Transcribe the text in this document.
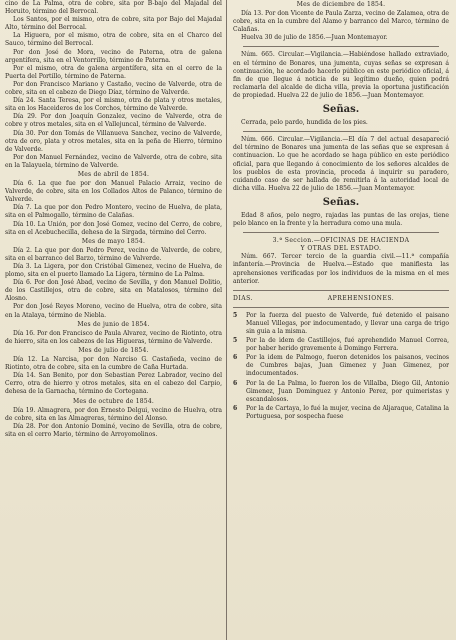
cino de La Palma, otra de cobre, sita por B-bajo del Majadal del Horuito, término del Berrocal.

Los Santos, por el mismo, otra de cobre, sita por Bajo del Majadal Alto, término del Berrocal.

La Higuera, por el mismo, otra de cobre, sita en el Charco del Sauco, término del Berrocal.

Por don José de Mora, vecino de Paterna, otra de galena argentífera, sita en el Ventorrillo, término de Paterna.

Por el mismo, otra de galena argentífera, sita en el cerro de la Puerta del Portillo, término de Paterna.

Por don Francisco Mariano y Castaño, vecino de Valverde, otra de cobre, sita en el cabezo de Diego Díaz, término de Valverde.

Día 24. Santa Teresa, por el mismo, otra de plata y otros metales, sita en los Haceideros de los Corchos, término de Valverde.

Día 29. Por don Joaquín Gonzalez, vecino de Valverde, otra de cobre y otros metales, sita en el Vallejuncal, término de Valverde.

Día 30. Por don Tomás de Villanueva Sanchez, vecino de Valverde, otra de oro, plata y otros metales, sita en la peña de Hierro, término de Valverde.

Por don Manuel Fernández, vecino de Valverde, otra de cobre, sita en la Talayuela, término de Valverde.

Mes de abril de 1854.

Día 6. La que fue por don Manuel Palacio Arraiz, vecino de Valverde, de cobre, sita en los Collados Altos de Palanco, término de Valverde.

Día 7. La que por don Pedro Montero, vecino de Huelva, de plata, sita en el Palmogallo, término de Calañas.

Día 10. La Unión, por don José Gomez, vecino del Cerro, de cobre, sita en el Acebuchecilla, dehesa de la Sirgada, término del Cerro.

Mes de mayo 1854.

Día 2. La que por don Pedro Perez, vecino de Valverde, de cobre, sita en el barranco del Barzo, término de Valverde.

Día 3. La Ligera, por don Cristóbal Gimenez, vecino de Huelva, de plomo, sita en el puerto llamado La Ligera, término de La Palma.

Día 6. Por don José Abad, vecino de Sevilla, y don Manuel Dolitio, de los Castillejos, otra de cobre, sita en Matalosos, término del Alosno.

Por don José Reyes Moreno, vecino de Huelva, otra de cobre, sita en la Atalaya, término de Niebla.

Mes de junio de 1854.

Día 16. Por don Francisco de Paula Alvarez, vecino de Riotinto, otra de hierro, sita en los cabezos de las Higueras, término de Valverde.

Mes de julio de 1854.

Día 12. La Narcisa, por don Narciso G. Castañeda, vecino de Riotinto, otra de cobre, sita en la cumbre de Caña Hurtada.

Día 14. San Benito, por don Sebastian Perez Labrador, vecino del Cerro, otra de hierro y otros metales, sita en el cabezo del Carpio, dehesa de la Garnacha, término de Cortegana.

Mes de octubre de 1854.

Día 19. Almagrera, por don Ernesto Delgui, vecino de Huelva, otra de cobre, sita en las Almagreras, término del Alonso.

Día 28. Por don Antonio Dominé, vecino de Sevilla, otra de cobre, sita en el cerro Mario, término de Arroyomolinos.

Mes de diciembre de 1854.

Día 13. Por don Vicente de Paula Zarza, vecino de Zalamea, otra de cobre, sita en la cumbre del Alamo y barranco del Marco, término de Calañas.

Huelva 30 de julio de 1856.—Juan Montemayor.

Núm. 665. Circular.—Vigilancia.—Habiéndose hallado extraviado, en el término de Bonares, una jumenta, cuyas señas se expresan á continuación, he acordado hacerlo público en este periódico oficial, á fin de que llegue á noticia de su legítimo dueño, quien podrá reclamarla del alcalde de dicha villa, previa la oportuna justificación de propiedad. Huelva 22 de julio de 1856.—Juan Montemayor.

Señas.

Cerrada, pelo pardo, hundida de los pies.

Núm. 666. Circular.—Vigilancia.—El día 7 del actual desapareció del término de Bonares una jumenta de las señas que se expresan á continuacion. Lo que he acordado se haga público en este periódico oficial, para que llegando á conocimiento de los señores alcaldes de los pueblos de esta provincia, proceda á inquirir su paradero, cuidando caso de ser hallada de remitirla á la autoridad local de dicha villa. Huelva 22 de julio de 1856.—Juan Montemayor.

Señas.

Edad 8 años, pelo negro, rajadas las puntas de las orejas, tiene pelo blanco en la frente y la herradura como una mula.

3.ª Seccion.—OFICINAS DE HACIENDA

Y OTRAS DEL ESTADO.

Núm. 667. Tercer tercio de la guardia civil.—11.ª compañía infantería.—Provincia de Huelva.—Estado que manifiesta las aprehensiones verificadas por los individuos de la misma en el mes anterior.

DIAS.	APREHENSIONES.
5	Por la fuerza del puesto de Valverde, fué detenido el paisano Manuel Villegas, por indocumentado, y llevar una carga de trigo sin guia a la misma.
5	Por la de idem de Castillejos, fué aprehendido Manuel Correa, por haber herido gravemente á Domingo Ferrera.
6	Por la idem de Palmogo, fueron detenidos los paisanos, vecinos de Cumbres bajas, Juan Gimenez y Juan Gimenez, por indocumentados.
6	Por la de La Palma, lo fueron los de Villalba, Diego Gil, Antonio Gimenez, Juan Dominguez y Antonio Perez, por quimeristas y escandalosos.
6	Por la de Cartaya, lo fué la mujer, vecina de Aljaraque, Catalina la Portuguesa, por sospecha fuese
